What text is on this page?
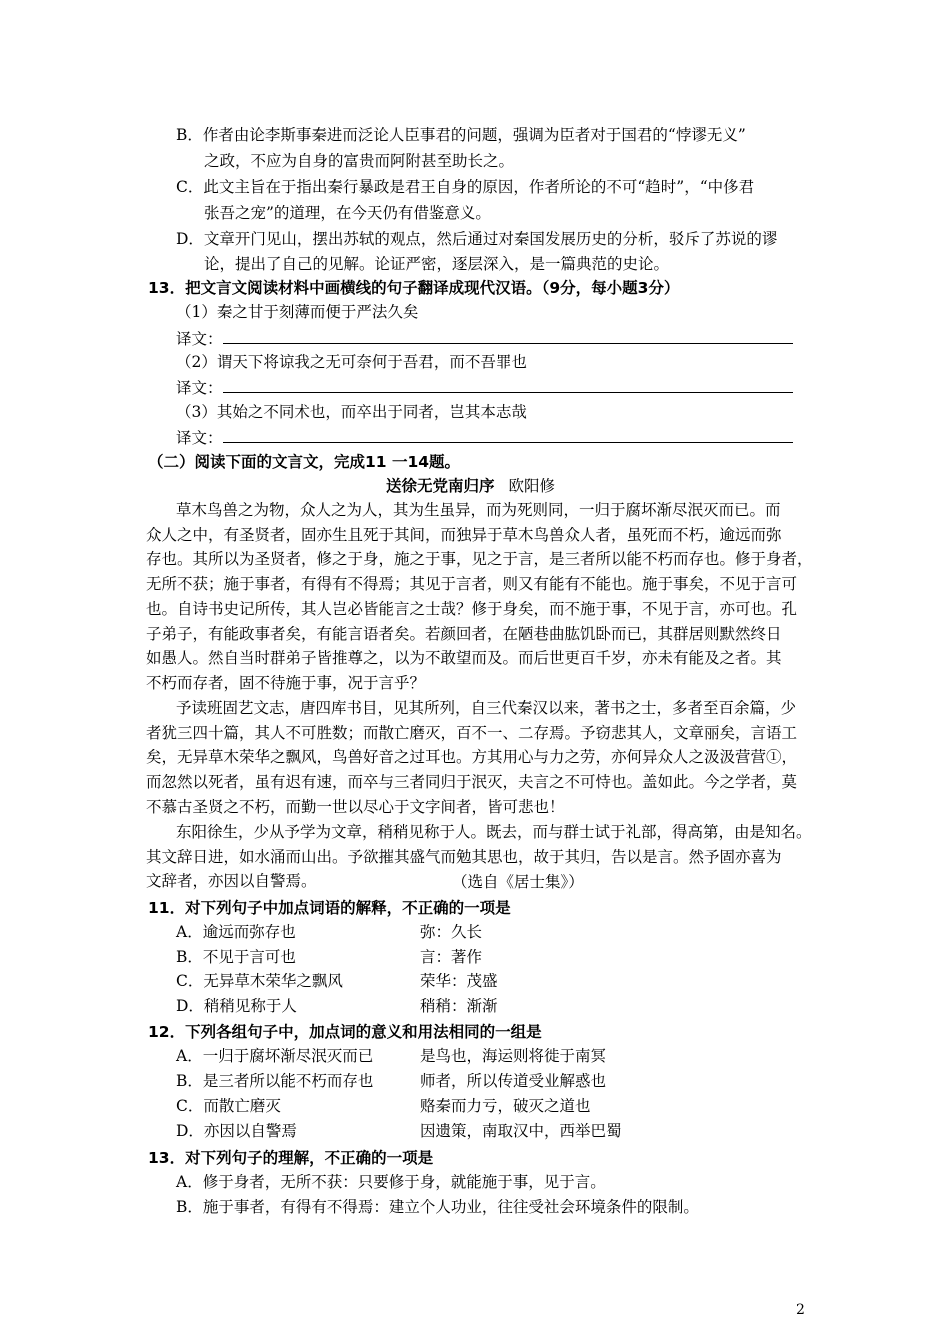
B．作者由论李斯事秦进而泛论人臣事君的问题，强调为臣者对于国君的“悖谬无义”
之政，不应为自身的富贵而阿附甚至助长之。
C．此文主旨在于指出秦行暴政是君王自身的原因，作者所论的不可“趋时”，“中侈君
张吾之宠”的道理，在今天仍有借鉴意义。
D．文章开门见山，摆出苏轼的观点，然后通过对秦国发展历史的分析，驳斥了苏说的谬
论，提出了自己的见解。论证严密，逐层深入，是一篇典范的史论。
13．把文言文阅读材料中画横线的句子翻译成现代汉语。（9分，每小题3分）
（1）秦之甘于刻薄而便于严法久矣
译文：
（2）谓天下将谅我之无可奈何于吾君，而不吾罪也
译文：
（3）其始之不同术也，而卒出于同者，岂其本志哉
译文：
（二）阅读下面的文言文，完成11 一14题。
送徐无党南归序 欧阳修
草木鸟兽之为物，众人之为人，其为生虽异，而为死则同，一归于腐坏渐尽泯灭而已。而
众人之中，有圣贤者，固亦生且死于其间，而独异于草木鸟兽众人者，虽死而不朽，逾远而弥
存也。其所以为圣贤者，修之于身，施之于事，见之于言，是三者所以能不朽而存也。修于身者，
无所不获；施于事者，有得有不得焉；其见于言者，则又有能有不能也。施于事矣，不见于言可
也。自诗书史记所传，其人岂必皆能言之士哉？修于身矣，而不施于事，不见于言，亦可也。孔
子弟子，有能政事者矣，有能言语者矣。若颜回者，在陋巷曲肱饥卧而已，其群居则默然终日
如愚人。然自当时群弟子皆推尊之，以为不敢望而及。而后世更百千岁，亦未有能及之者。其
不朽而存者，固不待施于事，况于言乎？
予读班固艺文志，唐四库书目，见其所列，自三代秦汉以来，著书之士，多者至百余篇，少
者犹三四十篇，其人不可胜数；而散亡磨灭，百不一、二存焉。予窃悲其人，文章丽矣，言语工
矣，无异草木荣华之飘风，鸟兽好音之过耳也。方其用心与力之劳，亦何异众人之汲汲营营①，
而忽然以死者，虽有迟有速，而卒与三者同归于泯灭，夫言之不可恃也。盖如此。今之学者，莫
不慕古圣贤之不朽，而勤一世以尽心于文字间者，皆可悲也！
东阳徐生，少从予学为文章，稍稍见称于人。既去，而与群士试于礼部，得高第，由是知名。
其文辞日进，如水涌而山出。予欲摧其盛气而勉其思也，故于其归，告以是言。然予固亦喜为
文辞者，亦因以自警焉。	（选自《居士集》）
11．对下列句子中加点词语的解释，不正确的一项是
A．逾远而弥存也	弥：久长
B．不见于言可也	言：著作
C．无异草木荣华之飘风	荣华：茂盛
D．稍稍见称于人	稍稍：渐渐
12．下列各组句子中，加点词的意义和用法相同的一组是
A．一归于腐坏渐尽泯灭而已	是鸟也，海运则将徙于南冥
B．是三者所以能不朽而存也	师者，所以传道受业解惑也
C．而散亡磨灭	赂秦而力亏，破灭之道也
D．亦因以自警焉	因遗策，南取汉中，西举巴蜀
13．对下列句子的理解，不正确的一项是
A．修于身者，无所不获：只要修于身，就能施于事，见于言。
B．施于事者，有得有不得焉：建立个人功业，往往受社会环境条件的限制。
2
